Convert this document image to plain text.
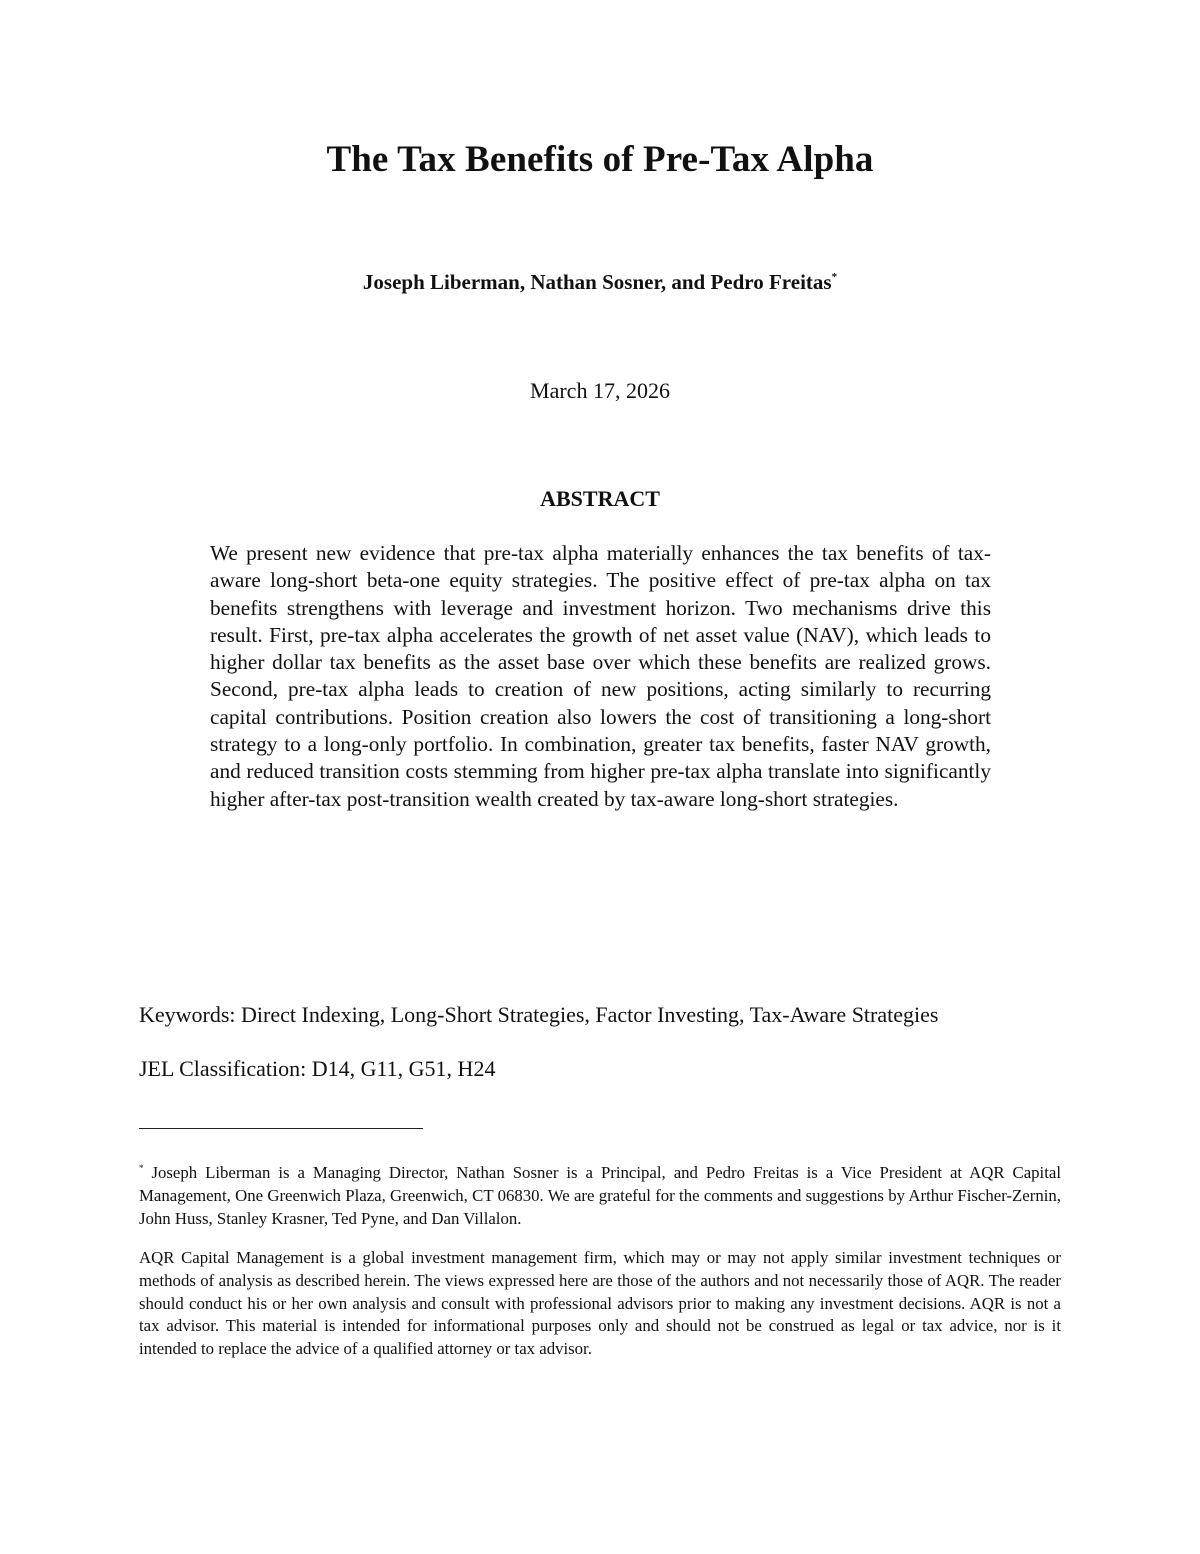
The Tax Benefits of Pre-Tax Alpha
Joseph Liberman, Nathan Sosner, and Pedro Freitas*
March 17, 2026
ABSTRACT
We present new evidence that pre-tax alpha materially enhances the tax benefits of tax-aware long-short beta-one equity strategies. The positive effect of pre-tax alpha on tax benefits strengthens with leverage and investment horizon. Two mechanisms drive this result. First, pre-tax alpha accelerates the growth of net asset value (NAV), which leads to higher dollar tax benefits as the asset base over which these benefits are realized grows. Second, pre-tax alpha leads to creation of new positions, acting similarly to recurring capital contributions. Position creation also lowers the cost of transitioning a long-short strategy to a long-only portfolio. In combination, greater tax benefits, faster NAV growth, and reduced transition costs stemming from higher pre-tax alpha translate into significantly higher after-tax post-transition wealth created by tax-aware long-short strategies.
Keywords: Direct Indexing, Long-Short Strategies, Factor Investing, Tax-Aware Strategies
JEL Classification: D14, G11, G51, H24
* Joseph Liberman is a Managing Director, Nathan Sosner is a Principal, and Pedro Freitas is a Vice President at AQR Capital Management, One Greenwich Plaza, Greenwich, CT 06830. We are grateful for the comments and suggestions by Arthur Fischer-Zernin, John Huss, Stanley Krasner, Ted Pyne, and Dan Villalon.
AQR Capital Management is a global investment management firm, which may or may not apply similar investment techniques or methods of analysis as described herein. The views expressed here are those of the authors and not necessarily those of AQR. The reader should conduct his or her own analysis and consult with professional advisors prior to making any investment decisions. AQR is not a tax advisor. This material is intended for informational purposes only and should not be construed as legal or tax advice, nor is it intended to replace the advice of a qualified attorney or tax advisor.
